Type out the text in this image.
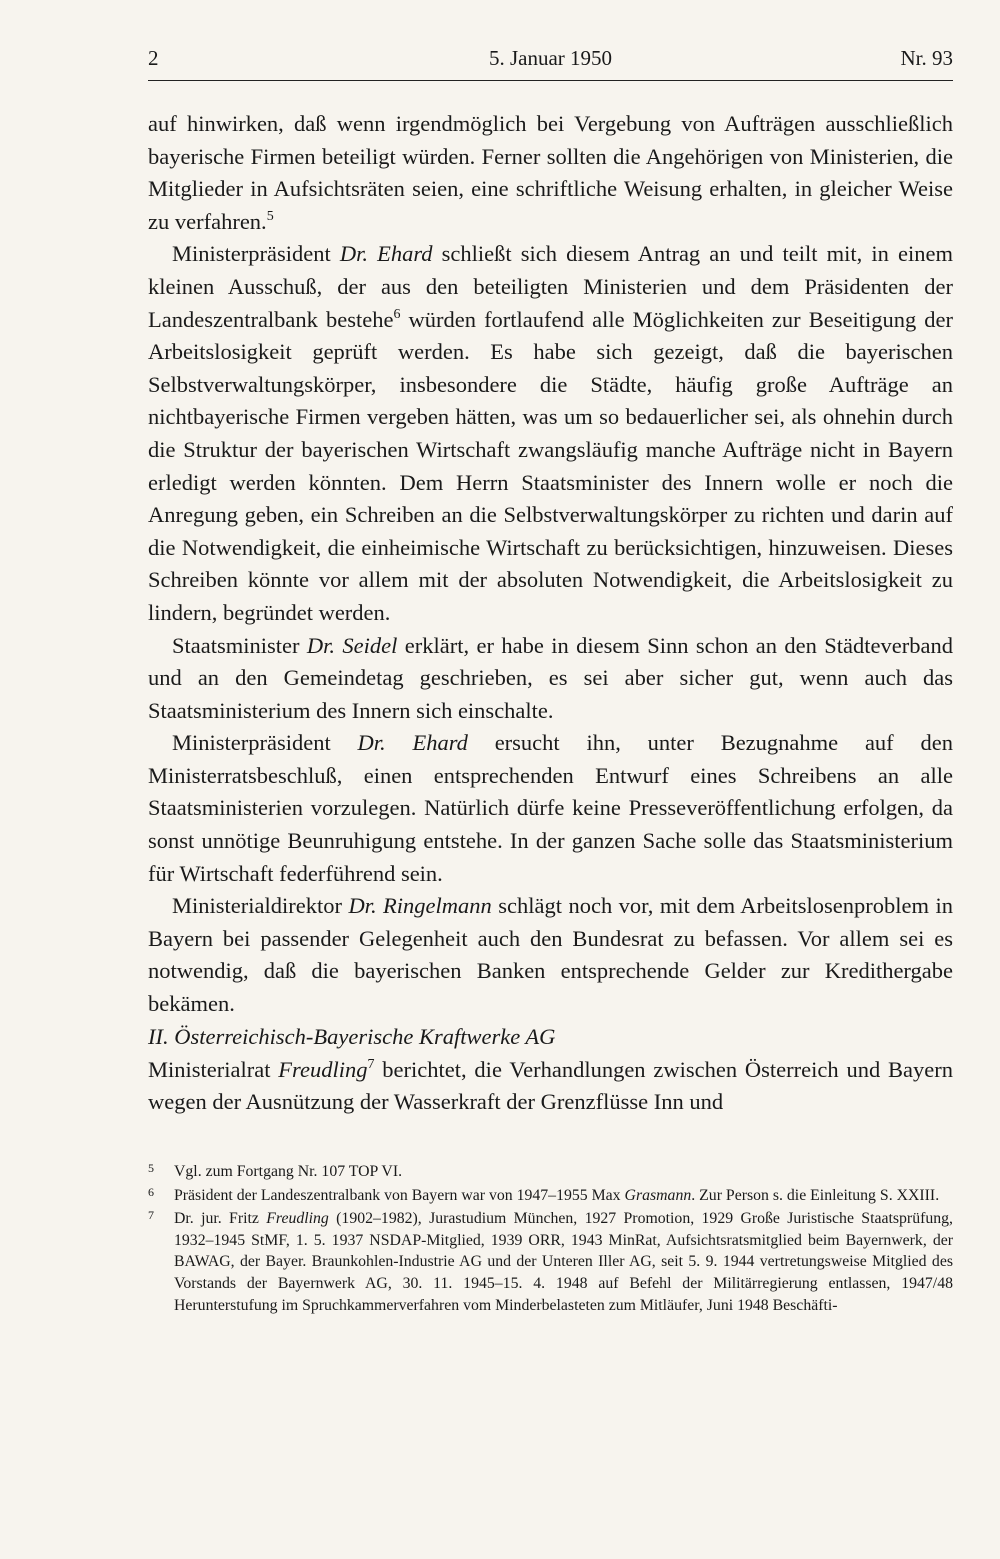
2	5. Januar 1950	Nr. 93

auf hinwirken, daß wenn irgendmöglich bei Vergebung von Aufträgen ausschließlich bayerische Firmen beteiligt würden. Ferner sollten die Angehörigen von Ministerien, die Mitglieder in Aufsichtsräten seien, eine schriftliche Weisung erhalten, in gleicher Weise zu verfahren.$^5$

Ministerpräsident Dr. Ehard schließt sich diesem Antrag an und teilt mit, in einem kleinen Ausschuß, der aus den beteiligten Ministerien und dem Präsidenten der Landeszentralbank bestehe$^6$ würden fortlaufend alle Möglichkeiten zur Beseitigung der Arbeitslosigkeit geprüft werden. Es habe sich gezeigt, daß die bayerischen Selbstverwaltungskörper, insbesondere die Städte, häufig große Aufträge an nichtbayerische Firmen vergeben hätten, was um so bedauerlicher sei, als ohnehin durch die Struktur der bayerischen Wirtschaft zwangsläufig manche Aufträge nicht in Bayern erledigt werden könnten. Dem Herrn Staatsminister des Innern wolle er noch die Anregung geben, ein Schreiben an die Selbstverwaltungskörper zu richten und darin auf die Notwendigkeit, die einheimische Wirtschaft zu berücksichtigen, hinzuweisen. Dieses Schreiben könnte vor allem mit der absoluten Notwendigkeit, die Arbeitslosigkeit zu lindern, begründet werden.

Staatsminister Dr. Seidel erklärt, er habe in diesem Sinn schon an den Städteverband und an den Gemeindetag geschrieben, es sei aber sicher gut, wenn auch das Staatsministerium des Innern sich einschalte.

Ministerpräsident Dr. Ehard ersucht ihn, unter Bezugnahme auf den Ministerratsbeschluß, einen entsprechenden Entwurf eines Schreibens an alle Staatsministerien vorzulegen. Natürlich dürfe keine Presseveröffentlichung erfolgen, da sonst unnötige Beunruhigung entstehe. In der ganzen Sache solle das Staatsministerium für Wirtschaft federführend sein.

Ministerialdirektor Dr. Ringelmann schlägt noch vor, mit dem Arbeitslosenproblem in Bayern bei passender Gelegenheit auch den Bundesrat zu befassen. Vor allem sei es notwendig, daß die bayerischen Banken entsprechende Gelder zur Kredithergabe bekämen.

II. Österreichisch-Bayerische Kraftwerke AG

Ministerialrat Freudling$^7$ berichtet, die Verhandlungen zwischen Österreich und Bayern wegen der Ausnützung der Wasserkraft der Grenzflüsse Inn und

5 Vgl. zum Fortgang Nr. 107 TOP VI.

6 Präsident der Landeszentralbank von Bayern war von 1947–1955 Max Grasmann. Zur Person s. die Einleitung S. XXIII.

7 Dr. jur. Fritz Freudling (1902–1982), Jurastudium München, 1927 Promotion, 1929 Große Juristische Staatsprüfung, 1932–1945 StMF, 1. 5. 1937 NSDAP-Mitglied, 1939 ORR, 1943 MinRat, Aufsichtsratsmitglied beim Bayernwerk, der BAWAG, der Bayer. Braunkohlen-Industrie AG und der Unteren Iller AG, seit 5. 9. 1944 vertretungsweise Mitglied des Vorstands der Bayernwerk AG, 30. 11. 1945–15. 4. 1948 auf Befehl der Militärregierung entlassen, 1947/48 Herunterstufung im Spruchkammerverfahren vom Minderbelasteten zum Mitläufer, Juni 1948 Beschäfti-
